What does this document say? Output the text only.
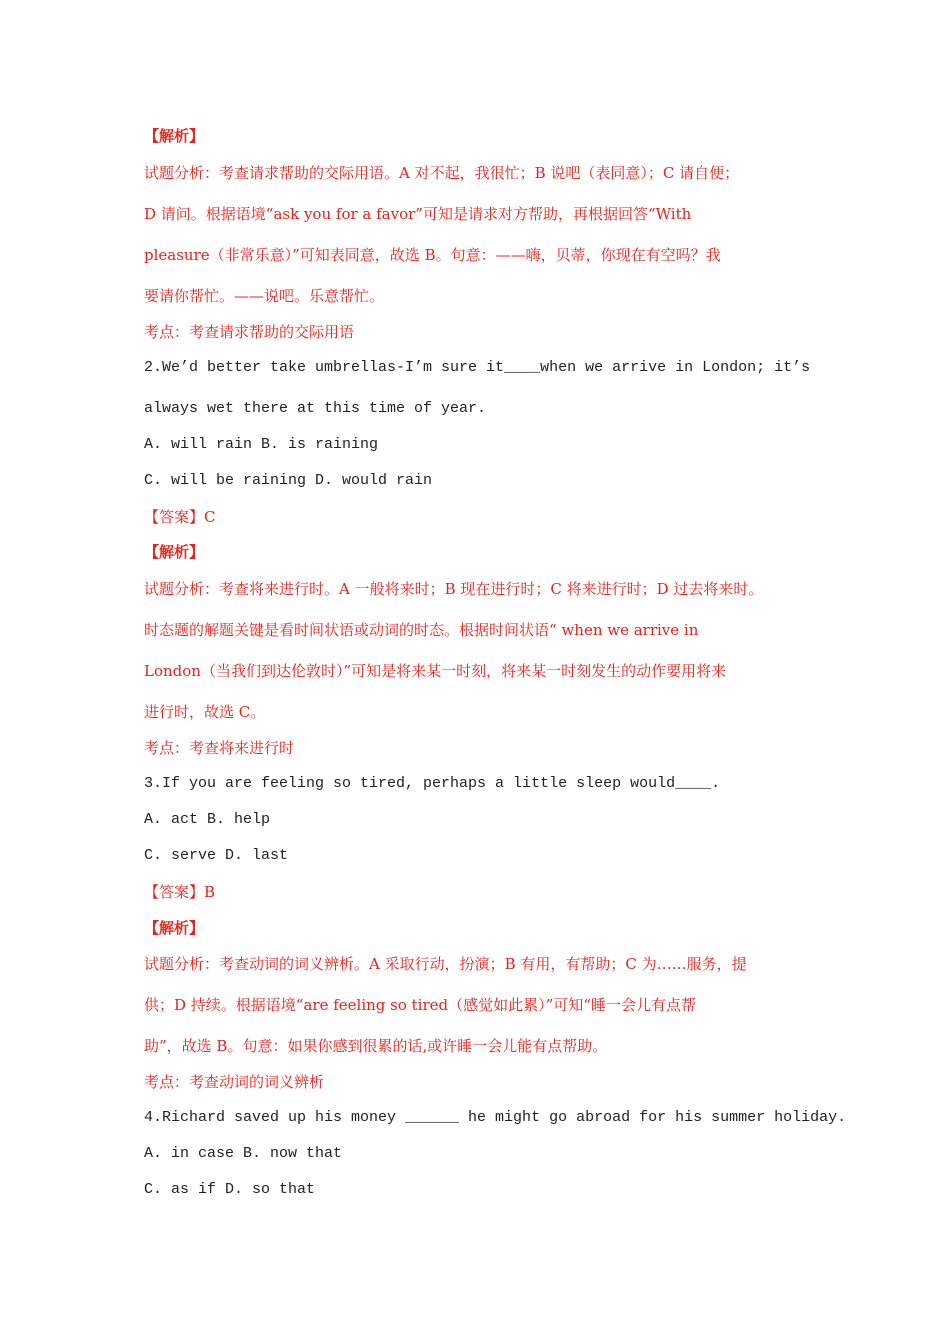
【解析】
试题分析：考查请求帮助的交际用语。A 对不起，我很忙；B 说吧（表同意）；C 请自便；
D 请问。根据语境“ask you for a favor”可知是请求对方帮助，再根据回答“With
pleasure（非常乐意）”可知表同意，故选 B。句意：——嗨，贝蒂，你现在有空吗？我
要请你帮忙。——说吧。乐意帮忙。
考点：考查请求帮助的交际用语
2.We’d better take umbrellas-I’m sure it____when we arrive in London; it’s
always wet there at this time of year.
A. will rain B. is raining
C. will be raining D. would rain
【答案】C
【解析】
试题分析：考查将来进行时。A 一般将来时；B 现在进行时；C 将来进行时；D 过去将来时。
时态题的解题关键是看时间状语或动词的时态。根据时间状语“ when we arrive in
London（当我们到达伦敦时）”可知是将来某一时刻，将来某一时刻发生的动作要用将来
进行时，故选 C。
考点：考查将来进行时
3.If you are feeling so tired, perhaps a little sleep would____.
A. act B. help
C. serve D. last
【答案】B
【解析】
试题分析：考查动词的词义辨析。A 采取行动，扮演；B 有用，有帮助；C 为……服务，提
供；D 持续。根据语境“are feeling so tired（感觉如此累）”可知“睡一会儿有点帮
助”，故选 B。句意：如果你感到很累的话,或许睡一会儿能有点帮助。
考点：考查动词的词义辨析
4.Richard saved up his money ______ he might go abroad for his summer holiday.
A. in case B. now that
C. as if D. so that
